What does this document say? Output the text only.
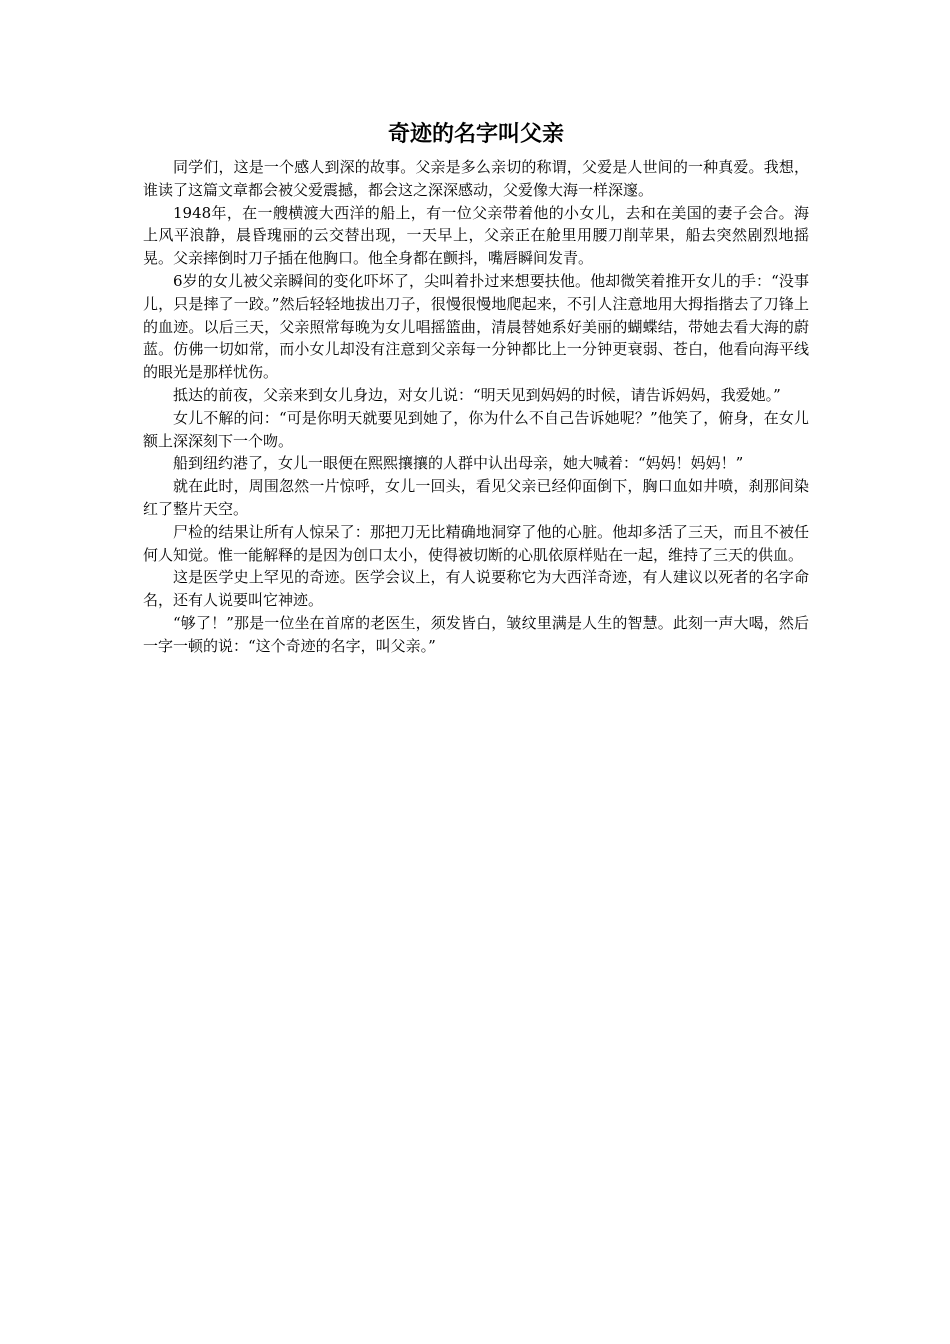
奇迹的名字叫父亲

同学们，这是一个感人到深的故事。父亲是多么亲切的称谓，父爱是人世间的一种真爱。我想，谁读了这篇文章都会被父爱震撼，都会这之深深感动，父爱像大海一样深邃。

1948年，在一艘横渡大西洋的船上，有一位父亲带着他的小女儿，去和在美国的妻子会合。海上风平浪静，晨昏瑰丽的云交替出现，一天早上，父亲正在舱里用腰刀削苹果，船去突然剧烈地摇晃。父亲摔倒时刀子插在他胸口。他全身都在颤抖，嘴唇瞬间发青。

6岁的女儿被父亲瞬间的变化吓坏了，尖叫着扑过来想要扶他。他却微笑着推开女儿的手：“没事儿，只是摔了一跤。”然后轻轻地拔出刀子，很慢很慢地爬起来，不引人注意地用大拇指揩去了刀锋上的血迹。以后三天，父亲照常每晚为女儿唱摇篮曲，清晨替她系好美丽的蝴蝶结，带她去看大海的蔚蓝。仿佛一切如常，而小女儿却没有注意到父亲每一分钟都比上一分钟更衰弱、苍白，他看向海平线的眼光是那样忧伤。

抵达的前夜，父亲来到女儿身边，对女儿说：“明天见到妈妈的时候，请告诉妈妈，我爱她。”

女儿不解的问：“可是你明天就要见到她了，你为什么不自己告诉她呢？”他笑了，俯身，在女儿额上深深刻下一个吻。

船到纽约港了，女儿一眼便在熙熙攘攘的人群中认出母亲，她大喊着：“妈妈！妈妈！”

就在此时，周围忽然一片惊呼，女儿一回头，看见父亲已经仰面倒下，胸口血如井喷，刹那间染红了整片天空。

尸检的结果让所有人惊呆了：那把刀无比精确地洞穿了他的心脏。他却多活了三天，而且不被任何人知觉。惟一能解释的是因为创口太小，使得被切断的心肌依原样贴在一起，维持了三天的供血。

这是医学史上罕见的奇迹。医学会议上，有人说要称它为大西洋奇迹，有人建议以死者的名字命名，还有人说要叫它神迹。

“够了！”那是一位坐在首席的老医生，须发皆白，皱纹里满是人生的智慧。此刻一声大喝，然后一字一顿的说：“这个奇迹的名字，叫父亲。”
